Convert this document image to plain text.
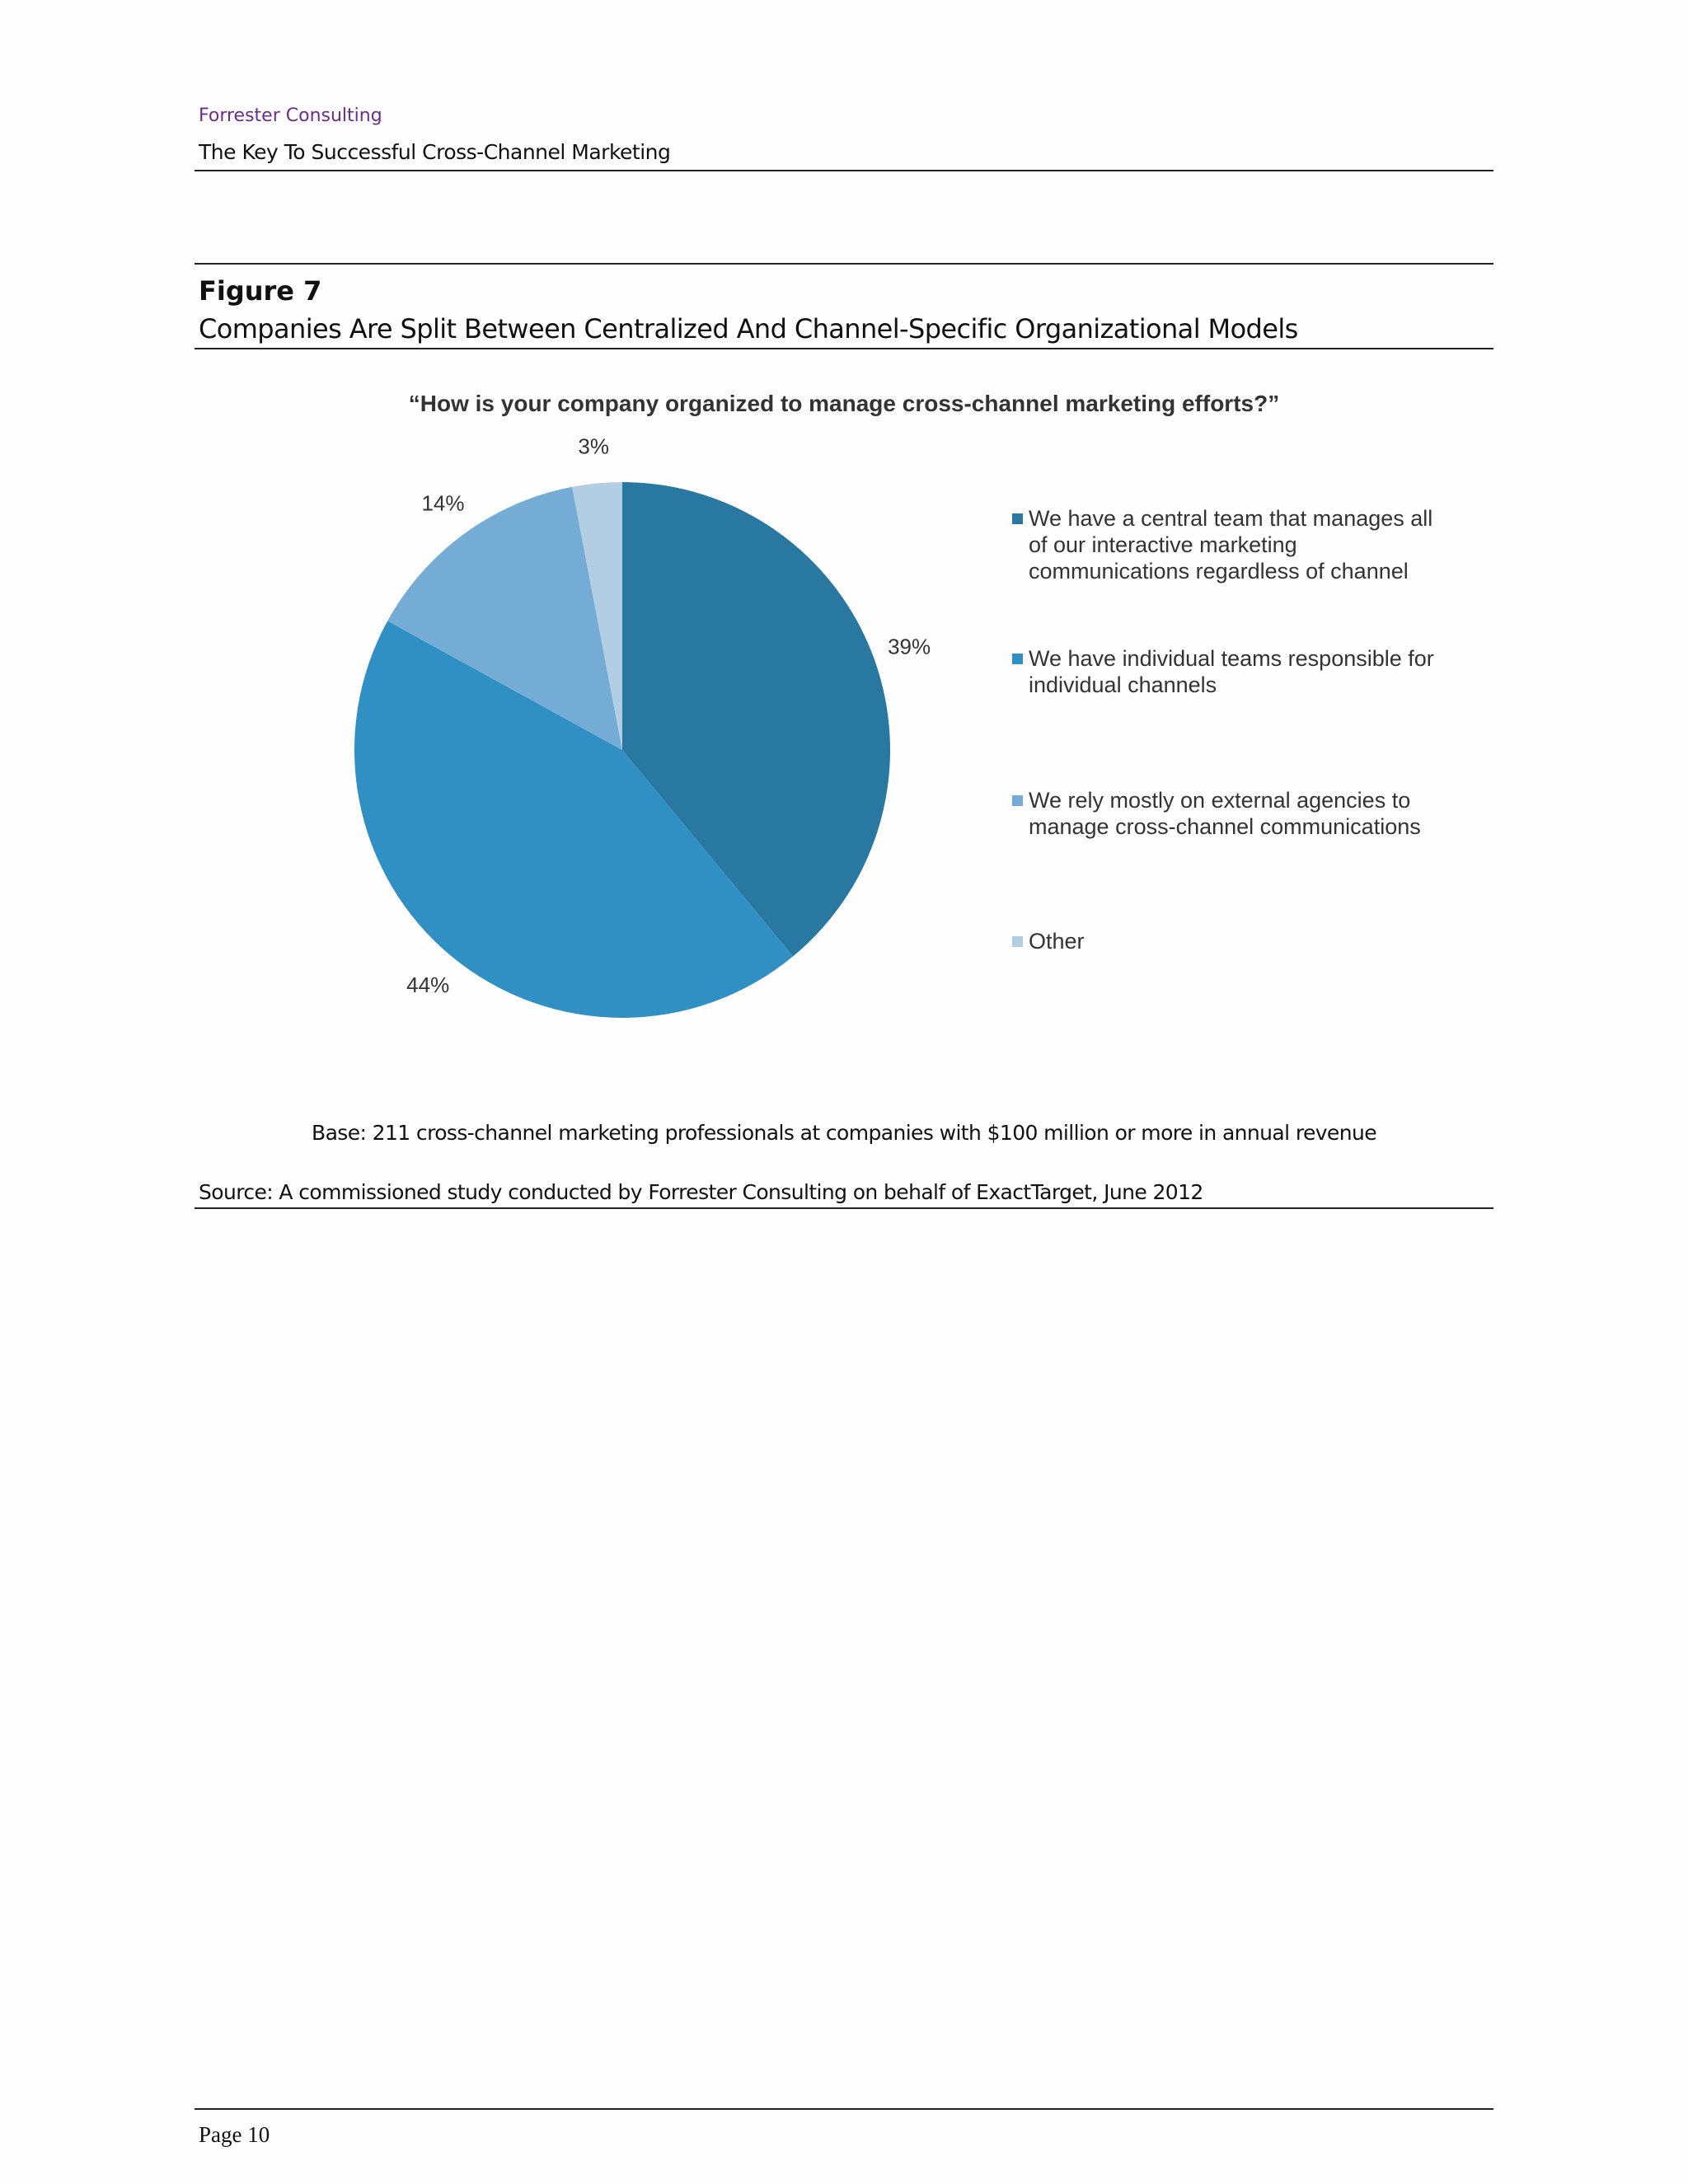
Forrester Consulting
The Key To Successful Cross-Channel Marketing
Figure 7
Companies Are Split Between Centralized And Channel-Specific Organizational Models
“How is your company organized to manage cross-channel marketing efforts?”
39%
44%
14%
3%
We have a central team that manages all of our interactive marketing communications regardless of channel
We have individual teams responsible for individual channels
We rely mostly on external agencies to manage cross-channel communications
Other
Base: 211 cross-channel marketing professionals at companies with $100 million or more in annual revenue
Source: A commissioned study conducted by Forrester Consulting on behalf of ExactTarget, June 2012
Page 10
